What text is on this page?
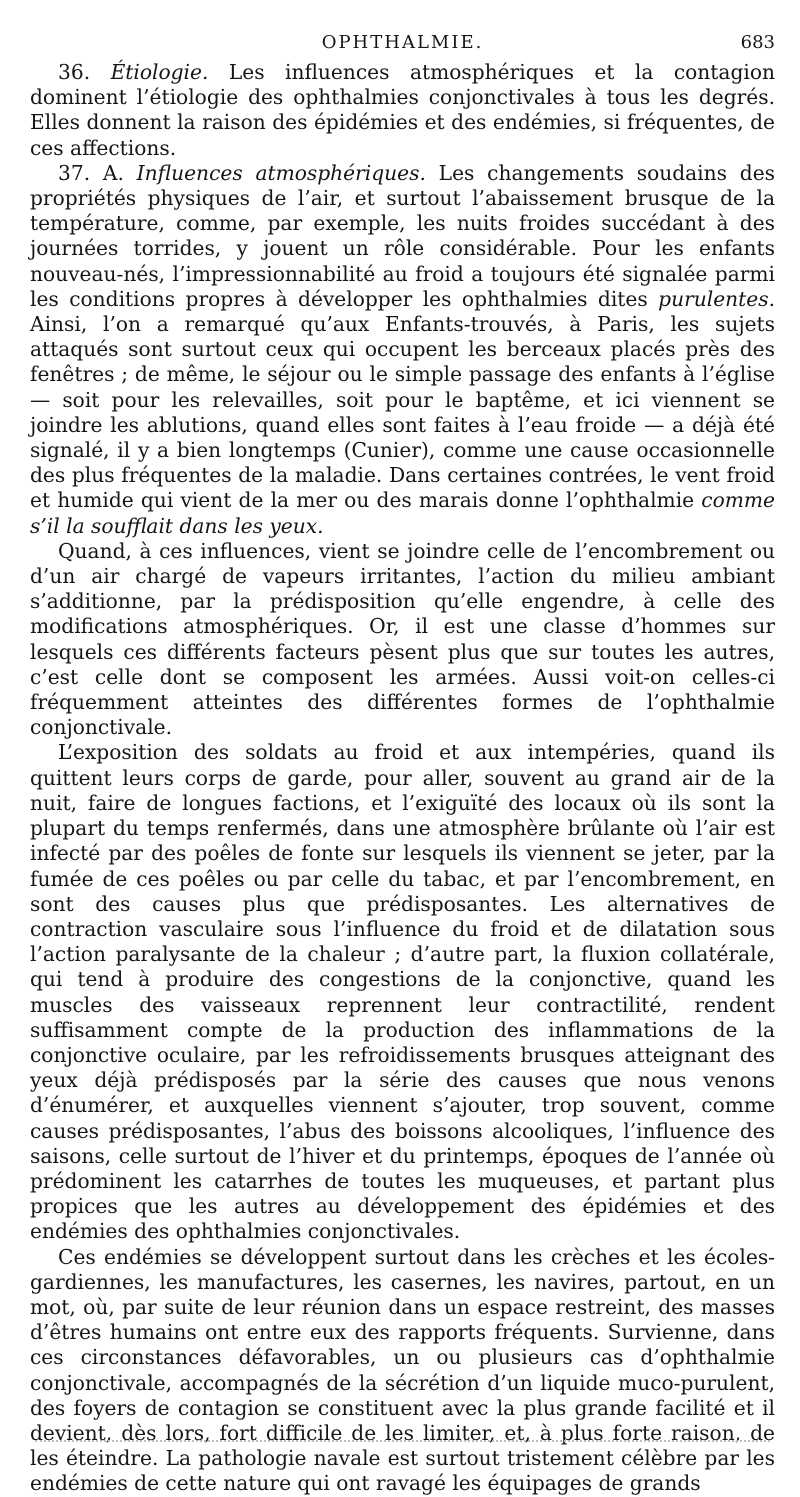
OPHTHALMIE.	683

36. Étiologie. Les influences atmosphériques et la contagion dominent l’étiologie des ophthalmies conjonctivales à tous les degrés. Elles donnent la raison des épidémies et des endémies, si fréquentes, de ces affections.

37. A. Influences atmosphériques. Les changements soudains des propriétés physiques de l’air, et surtout l’abaissement brusque de la température, comme, par exemple, les nuits froides succédant à des journées torrides, y jouent un rôle considérable. Pour les enfants nouveau-nés, l’impressionnabilité au froid a toujours été signalée parmi les conditions propres à développer les ophthalmies dites purulentes. Ainsi, l’on a remarqué qu’aux Enfants-trouvés, à Paris, les sujets attaqués sont surtout ceux qui occupent les berceaux placés près des fenêtres ; de même, le séjour ou le simple passage des enfants à l’église — soit pour les relevailles, soit pour le baptême, et ici viennent se joindre les ablutions, quand elles sont faites à l’eau froide — a déjà été signalé, il y a bien longtemps (Cunier), comme une cause occasionnelle des plus fréquentes de la maladie. Dans certaines contrées, le vent froid et humide qui vient de la mer ou des marais donne l’ophthalmie comme s’il la soufflait dans les yeux.

Quand, à ces influences, vient se joindre celle de l’encombrement ou d’un air chargé de vapeurs irritantes, l’action du milieu ambiant s’additionne, par la prédisposition qu’elle engendre, à celle des modifications atmosphériques. Or, il est une classe d’hommes sur lesquels ces différents facteurs pèsent plus que sur toutes les autres, c’est celle dont se composent les armées. Aussi voit-on celles-ci fréquemment atteintes des différentes formes de l’ophthalmie conjonctivale.

L’exposition des soldats au froid et aux intempéries, quand ils quittent leurs corps de garde, pour aller, souvent au grand air de la nuit, faire de longues factions, et l’exiguïté des locaux où ils sont la plupart du temps renfermés, dans une atmosphère brûlante où l’air est infecté par des poêles de fonte sur lesquels ils viennent se jeter, par la fumée de ces poêles ou par celle du tabac, et par l’encombrement, en sont des causes plus que prédisposantes. Les alternatives de contraction vasculaire sous l’influence du froid et de dilatation sous l’action paralysante de la chaleur ; d’autre part, la fluxion collatérale, qui tend à produire des congestions de la conjonctive, quand les muscles des vaisseaux reprennent leur contractilité, rendent suffisamment compte de la production des inflammations de la conjonctive oculaire, par les refroidissements brusques atteignant des yeux déjà prédisposés par la série des causes que nous venons d’énumérer, et auxquelles viennent s’ajouter, trop souvent, comme causes prédisposantes, l’abus des boissons alcooliques, l’influence des saisons, celle surtout de l’hiver et du printemps, époques de l’année où prédominent les catarrhes de toutes les muqueuses, et partant plus propices que les autres au développement des épidémies et des endémies des ophthalmies conjonctivales.

Ces endémies se développent surtout dans les crèches et les écoles-gardiennes, les manufactures, les casernes, les navires, partout, en un mot, où, par suite de leur réunion dans un espace restreint, des masses d’êtres humains ont entre eux des rapports fréquents. Survienne, dans ces circonstances défavorables, un ou plusieurs cas d’ophthalmie conjonctivale, accompagnés de la sécrétion d’un liquide muco-purulent, des foyers de contagion se constituent avec la plus grande facilité et il devient, dès lors, fort difficile de les limiter, et, à plus forte raison, de les éteindre. La pathologie navale est surtout tristement célèbre par les endémies de cette nature qui ont ravagé les équipages de grands
